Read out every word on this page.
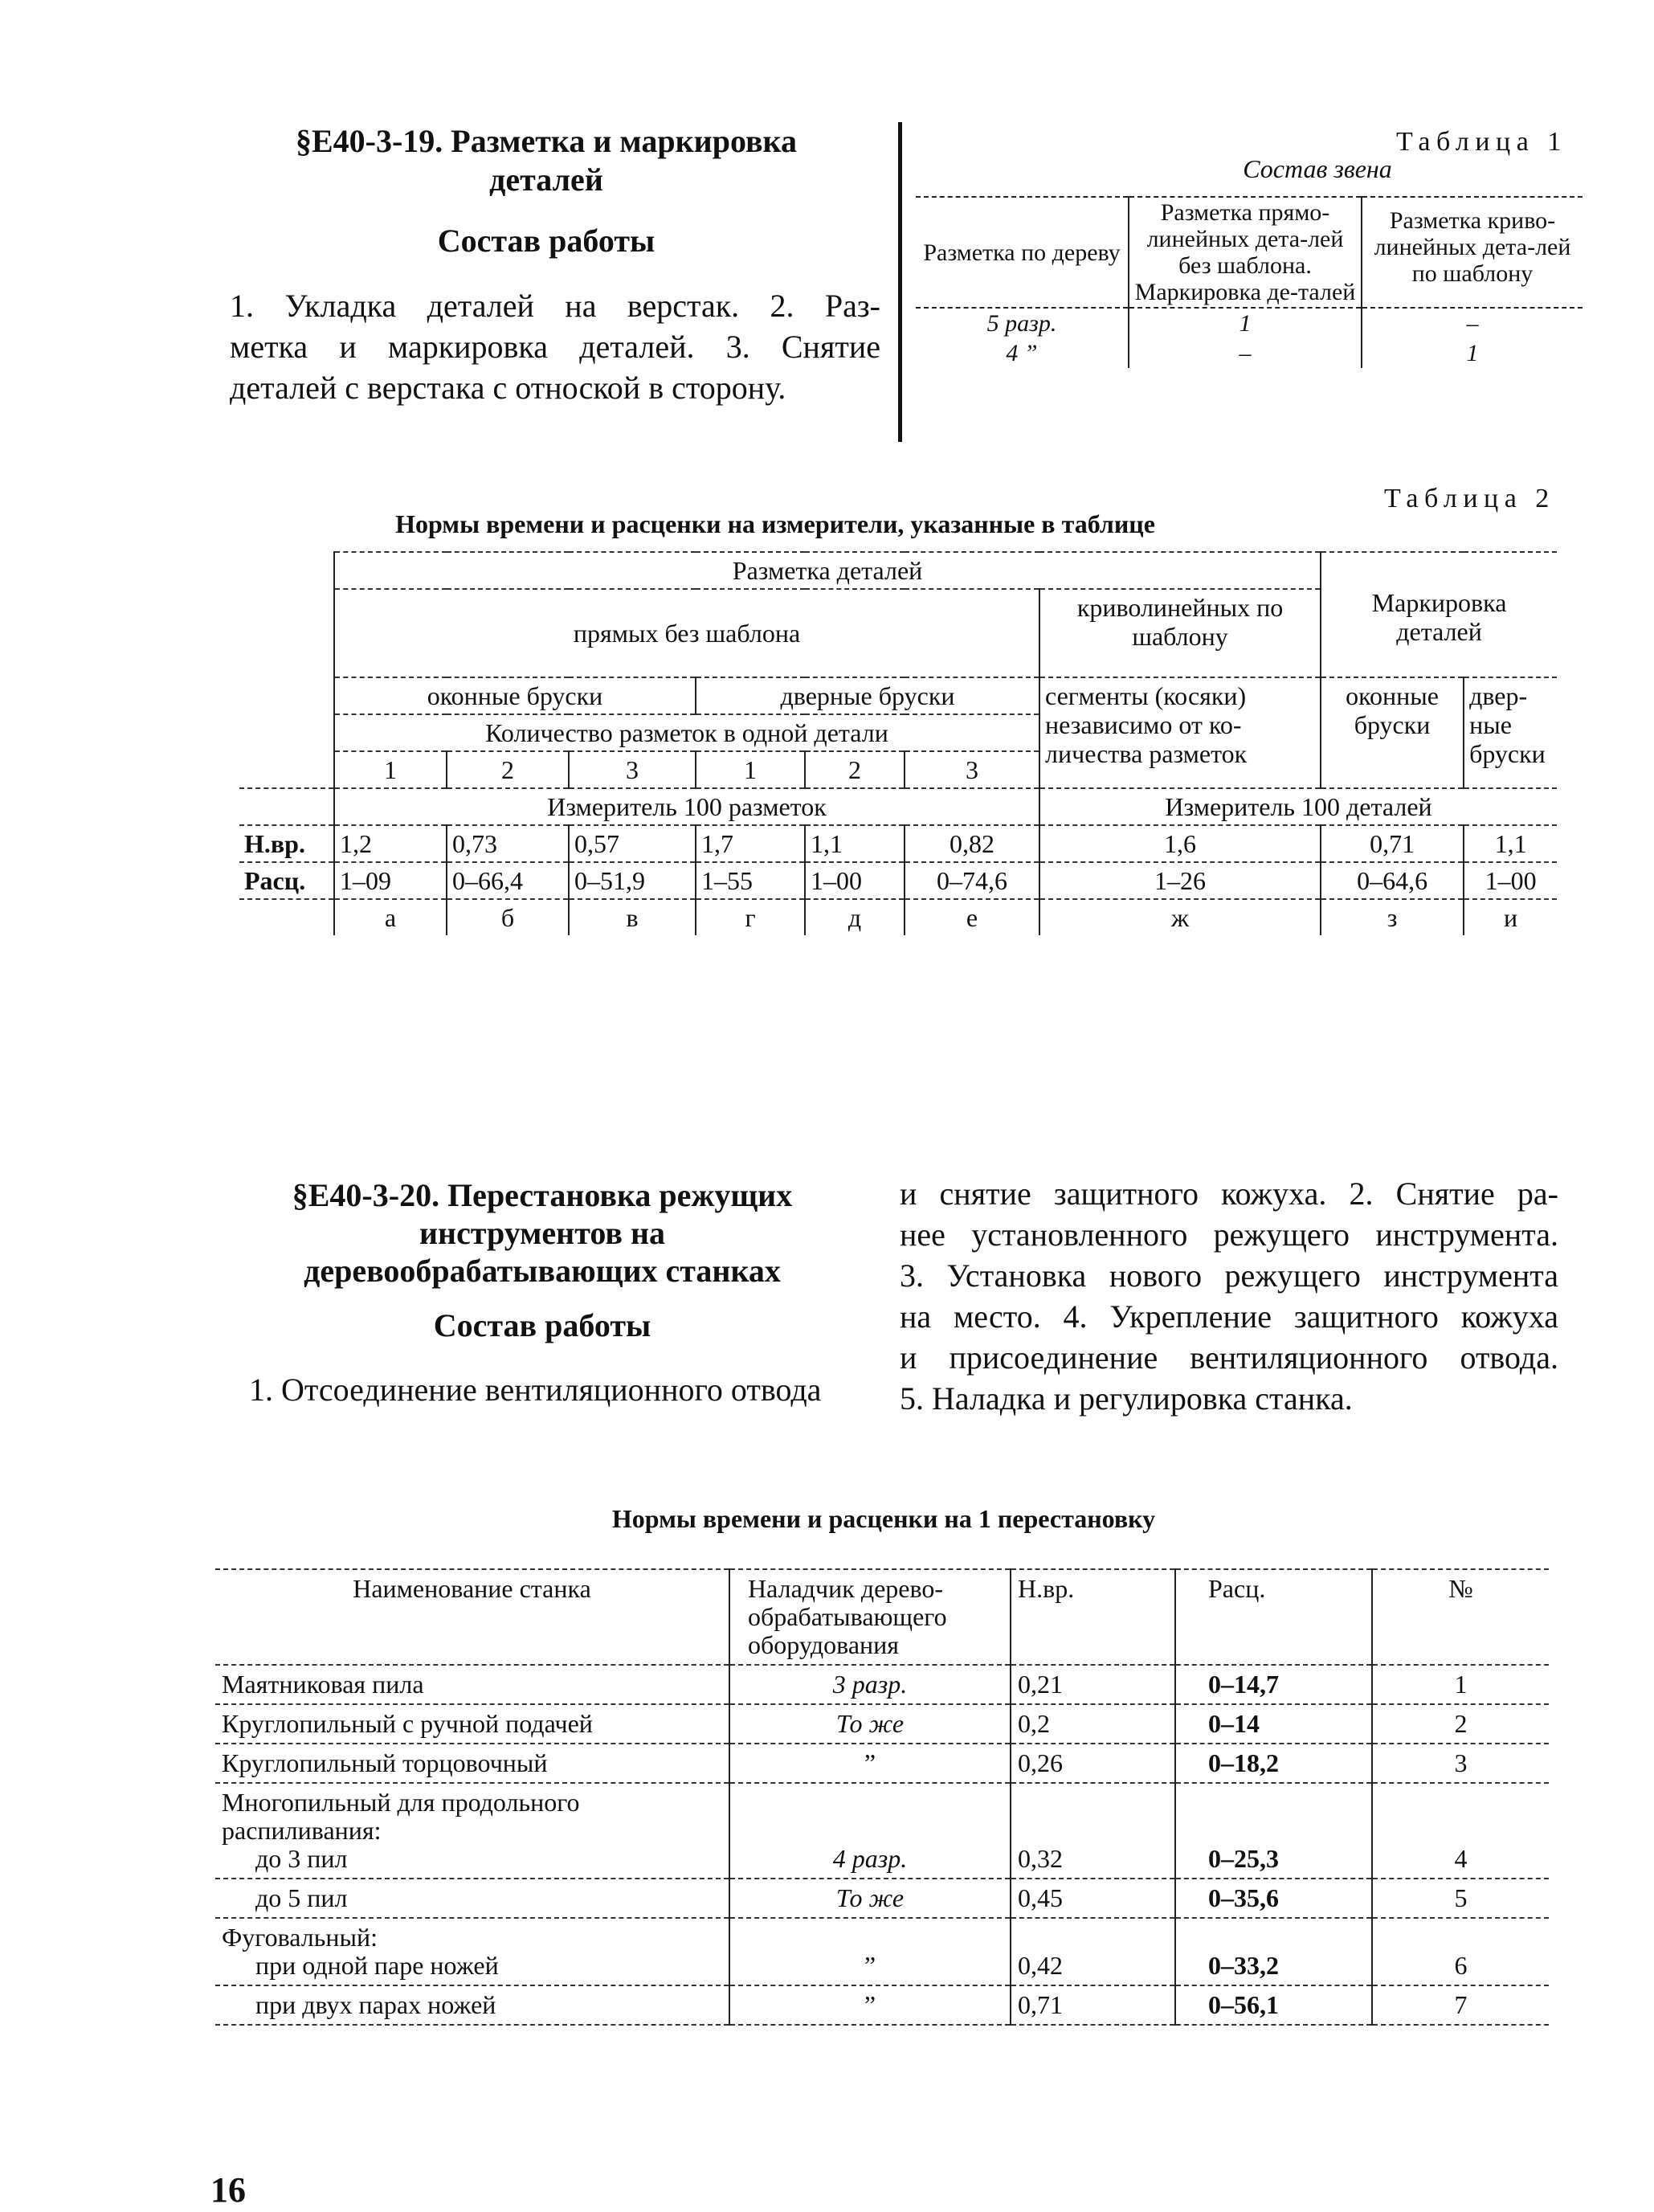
§Е40-3-19. Разметка и маркировка
деталей
Состав работы
1. Укладка деталей на верстак. 2. Раз-
метка и маркировка деталей. 3. Снятие
деталей с верстака с отноской в сторону.
Таблица 1
Состав звена
Разметка по дереву	Разметка прямо-линейных дета-лей без шаблона. Маркировка де-талей	Разметка криво-линейных дета-лей по шаблону
5 разр.	1	–
4 ”	–	1
Таблица 2
Нормы времени и расценки на измерители, указанные в таблице
	Разметка деталей							Маркировка деталей	
	прямых без шаблона						криволинейных по шаблону		
	оконные бруски			дверные бруски			сегменты (косяки) независимо от ко-личества разметок	оконные бруски	двер-ные бруски
	Количество разметок в одной детали								
	1	2	3	1	2	3			
	Измеритель 100 разметок						Измеритель 100 деталей		
Н.вр.	1,2	0,73	0,57	1,7	1,1	0,82	1,6	0,71	1,1
Расц.	1–09	0–66,4	0–51,9	1–55	1–00	0–74,6	1–26	0–64,6	1–00
	а	б	в	г	д	е	ж	з	и
§Е40-3-20. Перестановка режущих
инструментов на
деревообрабатывающих станках
Состав работы
1. Отсоединение вентиляционного отвода
и снятие защитного кожуха. 2. Снятие ра-
нее установленного режущего инструмента.
3. Установка нового режущего инструмента
на место. 4. Укрепление защитного кожуха
и присоединение вентиляционного отвода.
5. Наладка и регулировка станка.
Нормы времени и расценки на 1 перестановку
Наименование станка	Наладчик дерево-обрабатывающего оборудования	Н.вр.	Расц.	№
Маятниковая пила	3 разр.	0,21	0–14,7	1
Круглопильный с ручной подачей	То же	0,2	0–14	2
Круглопильный торцовочный	”	0,26	0–18,2	3

Многопильный для продольного распиливания:
до 3 пил	4 разр.	0,32	0–25,3	4
до 5 пил	То же	0,45	0–35,6	5

Фуговальный:
при одной паре ножей	”	0,42	0–33,2	6
при двух парах ножей	”	0,71	0–56,1	7
16
